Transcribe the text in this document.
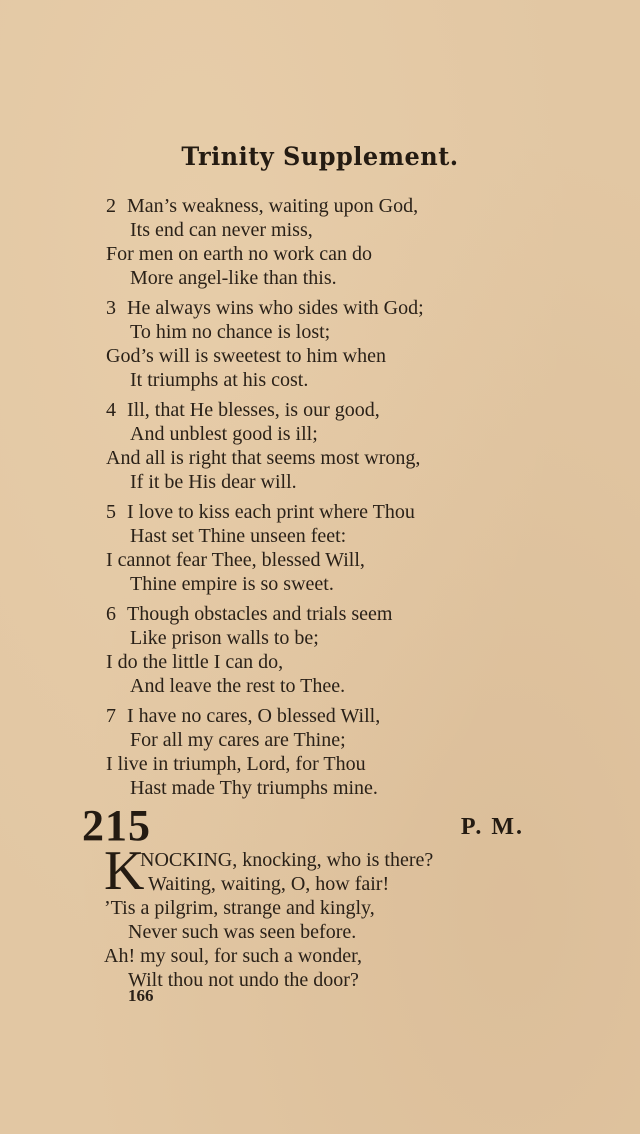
Trinity Supplement.
2 Man’s weakness, waiting upon God,
Its end can never miss,
For men on earth no work can do
More angel-like than this.
3 He always wins who sides with God;
To him no chance is lost;
God’s will is sweetest to him when
It triumphs at his cost.
4 Ill, that He blesses, is our good,
And unblest good is ill;
And all is right that seems most wrong,
If it be His dear will.
5 I love to kiss each print where Thou
Hast set Thine unseen feet:
I cannot fear Thee, blessed Will,
Thine empire is so sweet.
6 Though obstacles and trials seem
Like prison walls to be;
I do the little I can do,
And leave the rest to Thee.
7 I have no cares, O blessed Will,
For all my cares are Thine;
I live in triumph, Lord, for Thou
Hast made Thy triumphs mine.
215	P. M.
K
NOCKING, knocking, who is there?
Waiting, waiting, O, how fair!
’Tis a pilgrim, strange and kingly,
Never such was seen before.
Ah! my soul, for such a wonder,
Wilt thou not undo the door?
166
